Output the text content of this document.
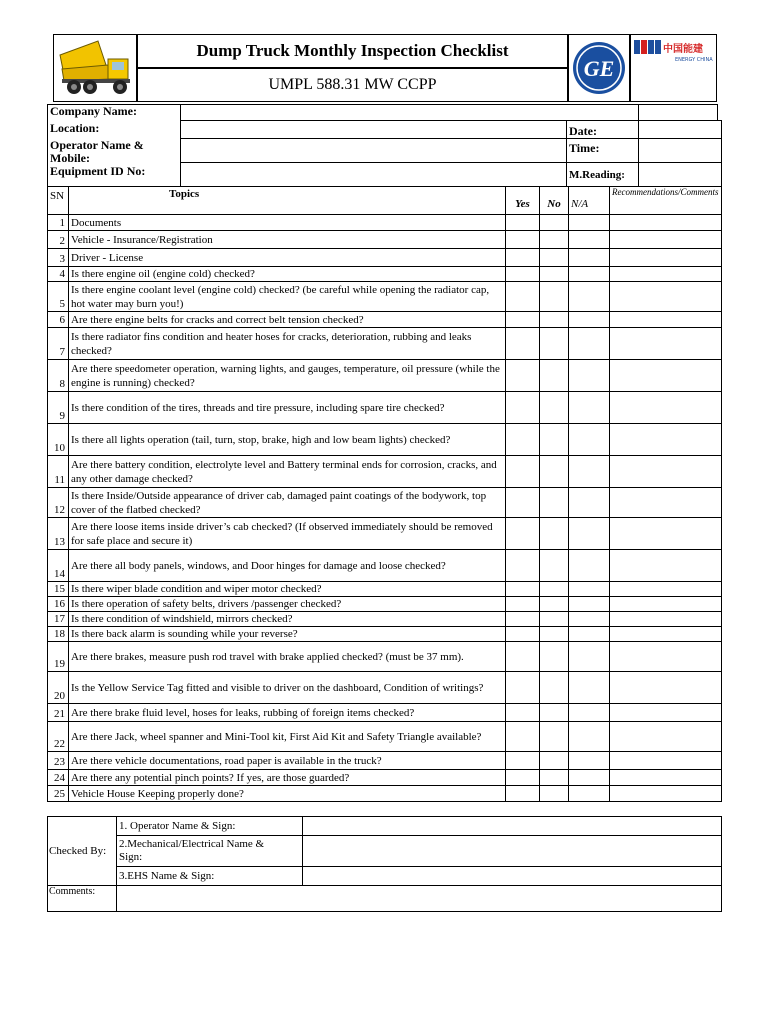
Dump Truck Monthly Inspection Checklist
UMPL 588.31 MW CCPP
GE
中国能建
ENERGY CHINA
Company Name:
Location:
Operator Name &
Mobile:
Equipment ID No:
Date:
Time:
M.Reading:
SN	Topics	Yes	No	N/A	Recommendations/Comments
1	Documents				
2	Vehicle - Insurance/Registration				
3	Driver - License				
4	Is there engine oil (engine cold) checked?				
5	Is there engine coolant level (engine cold) checked? (be careful while opening the radiator cap, hot water may burn you!)				
6	Are there engine belts for cracks and correct belt tension checked?				
7	Is there radiator fins condition and heater hoses for cracks, deterioration, rubbing and leaks checked?				
8	Are there speedometer operation, warning lights, and gauges, temperature, oil pressure (while the engine is running) checked?				
9	Is there condition of the tires, threads and tire pressure, including spare tire checked?				
10	Is there all lights operation (tail, turn, stop, brake, high and low beam lights) checked?				
11	Are there battery condition, electrolyte level and Battery terminal ends for corrosion, cracks, and any other damage checked?				
12	Is there Inside/Outside appearance of driver cab, damaged paint coatings of the bodywork, top cover of the flatbed checked?				
13	Are there loose items inside driver’s cab checked? (If observed immediately should be removed for safe place and secure it)				
14	Are there all body panels, windows, and Door hinges for damage and loose checked?				
15	Is there wiper blade condition and wiper motor checked?				
16	Is there operation of safety belts, drivers /passenger checked?				
17	Is there condition of windshield, mirrors checked?				
18	Is there back alarm is sounding while your reverse?				
19	Are there brakes, measure push rod travel with brake applied checked? (must be 37 mm).				
20	Is the Yellow Service Tag fitted and visible to driver on the dashboard, Condition of writings?				
21	Are there brake fluid level, hoses for leaks, rubbing of foreign items checked?				
22	Are there Jack, wheel spanner and Mini-Tool kit, First Aid Kit and Safety Triangle available?				
23	Are there vehicle documentations, road paper is available in the truck?				
24	Are there any potential pinch points? If yes, are those guarded?				
25	Vehicle House Keeping properly done?				
Checked By:	1. Operator Name & Sign:	

	2.Mechanical/Electrical Name &
Sign:	

	3.EHS Name & Sign:	
Comments:		
